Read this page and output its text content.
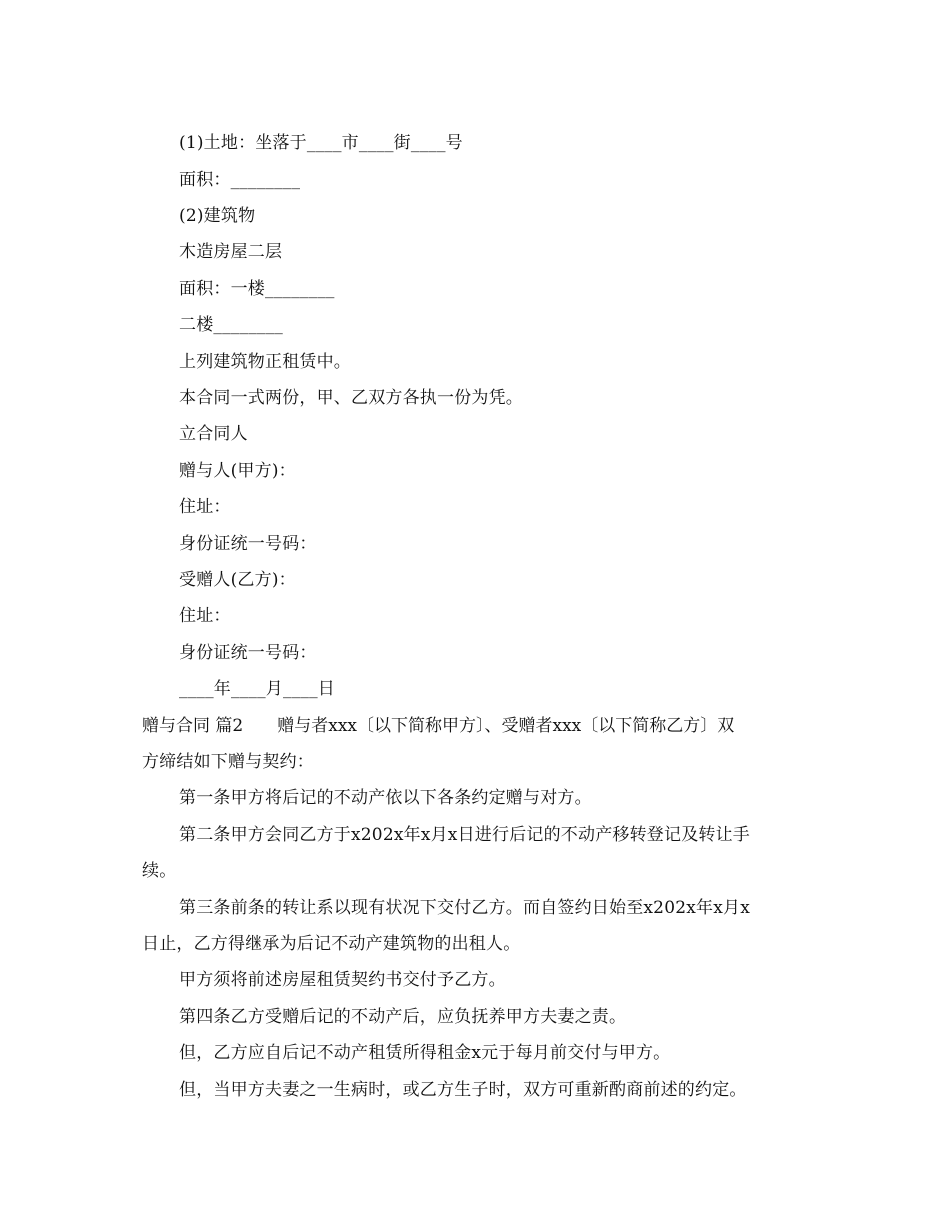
(1)土地：坐落于____市____街____号
面积：________
(2)建筑物
木造房屋二层
面积：一楼________
二楼________
上列建筑物正租赁中。
本合同一式两份，甲、乙双方各执一份为凭。
立合同人
赠与人(甲方)：
住址：
身份证统一号码：
受赠人(乙方)：
住址：
身份证统一号码：
____年____月____日
赠与合同 篇2 赠与者xxx〔以下简称甲方〕、受赠者xxx〔以下简称乙方〕双
方缔结如下赠与契约：
第一条甲方将后记的不动产依以下各条约定赠与对方。
第二条甲方会同乙方于x202x年x月x日进行后记的不动产移转登记及转让手
续。
第三条前条的转让系以现有状况下交付乙方。而自签约日始至x202x年x月x
日止，乙方得继承为后记不动产建筑物的出租人。
甲方须将前述房屋租赁契约书交付予乙方。
第四条乙方受赠后记的不动产后，应负抚养甲方夫妻之责。
但，乙方应自后记不动产租赁所得租金x元于每月前交付与甲方。
但，当甲方夫妻之一生病时，或乙方生子时，双方可重新酌商前述的约定。
